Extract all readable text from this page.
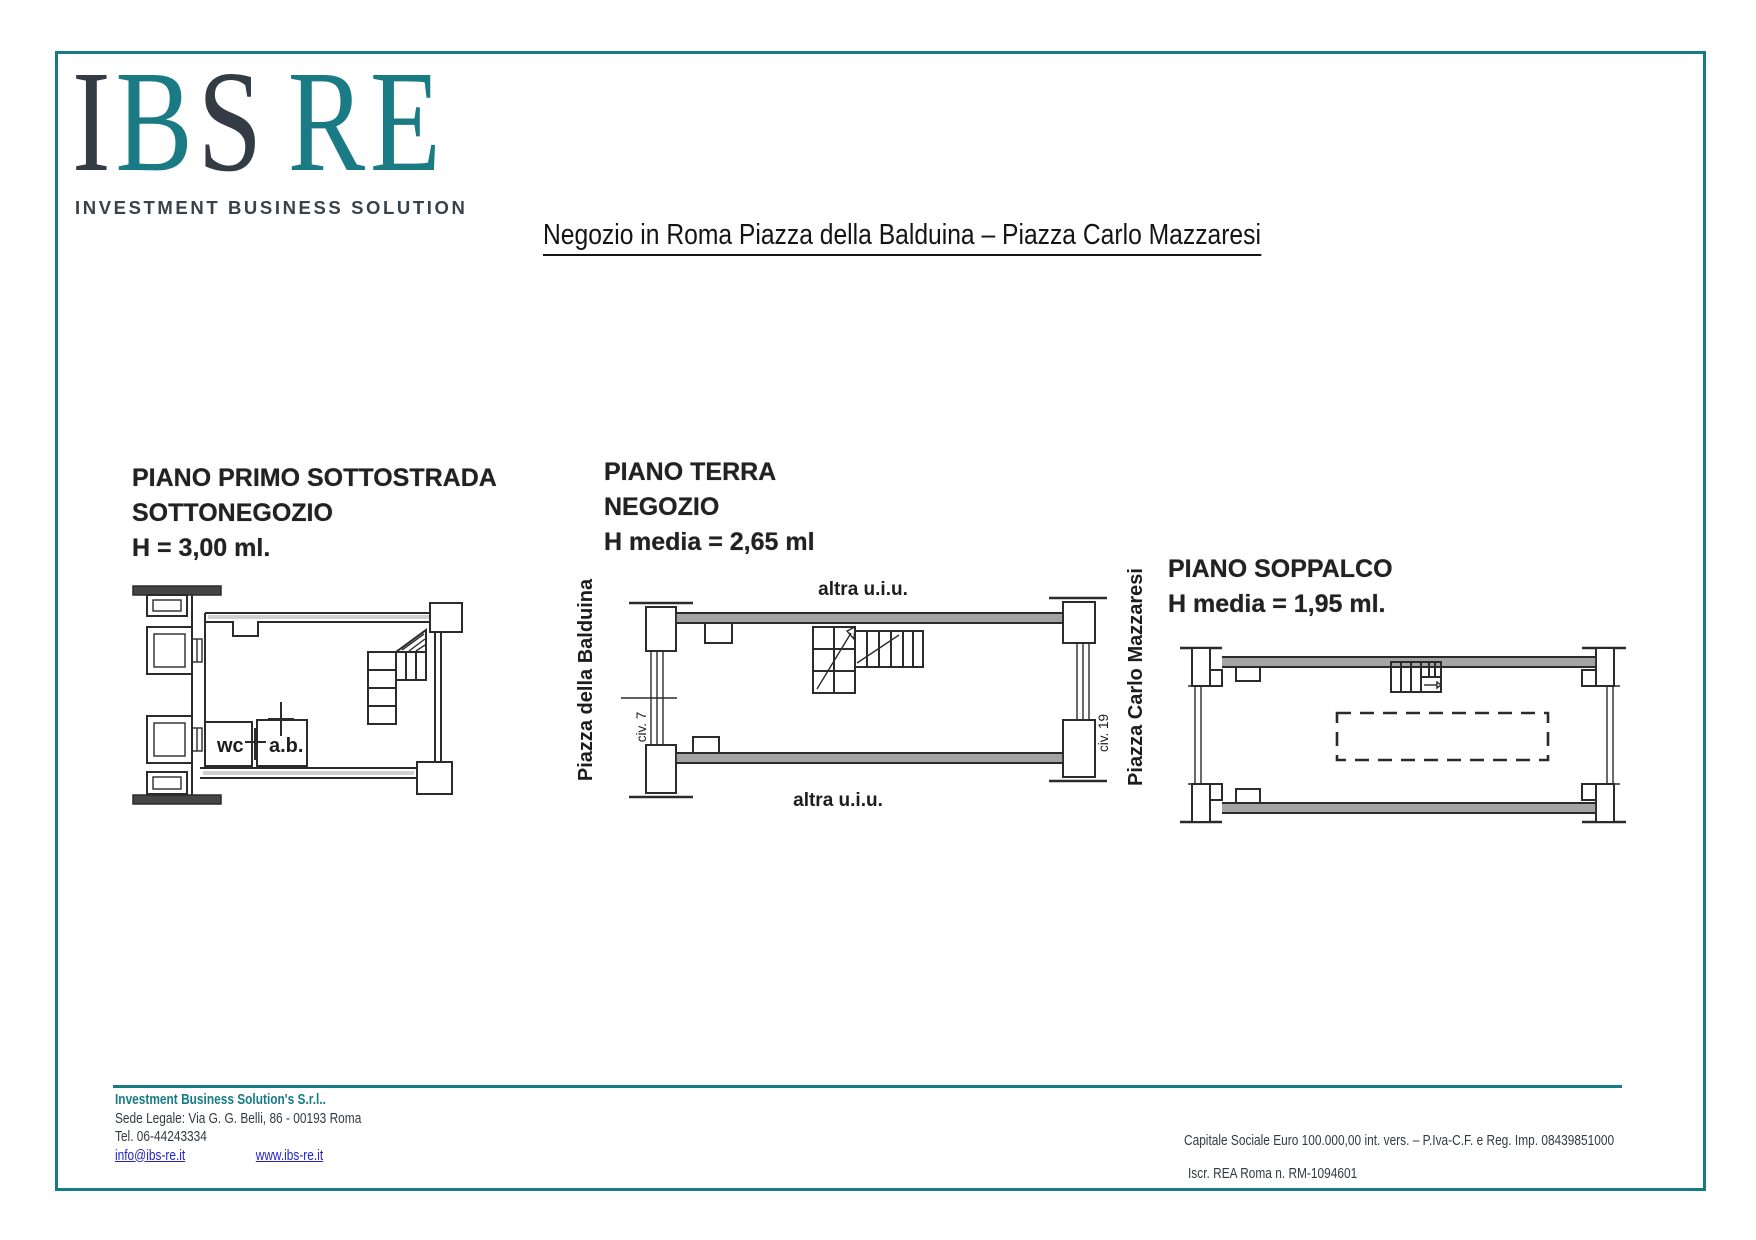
IBS RE
INVESTMENT BUSINESS SOLUTION
Negozio in Roma Piazza della Balduina – Piazza Carlo Mazzaresi
PIANO PRIMO SOTTOSTRADA
SOTTONEGOZIO
H = 3,00 ml.
wc a.b.
PIANO TERRA
NEGOZIO
H media = 2,65 ml
altra u.i.u.
altra u.i.u.
Piazza della Balduina	civ. 7	civ. 19 Piazza Carlo Mazzaresi PIANO SOPPALCO
H media = 1,95 ml.
Investment Business Solution's S.r.l..
Sede Legale: Via G. G. Belli, 86 - 00193 Roma
Tel. 06-44243334
info@ibs-re.it	www.ibs-re.it
Capitale Sociale Euro 100.000,00 int. vers. – P.Iva-C.F. e Reg. Imp. 08439851000
Iscr. REA Roma n. RM-1094601
